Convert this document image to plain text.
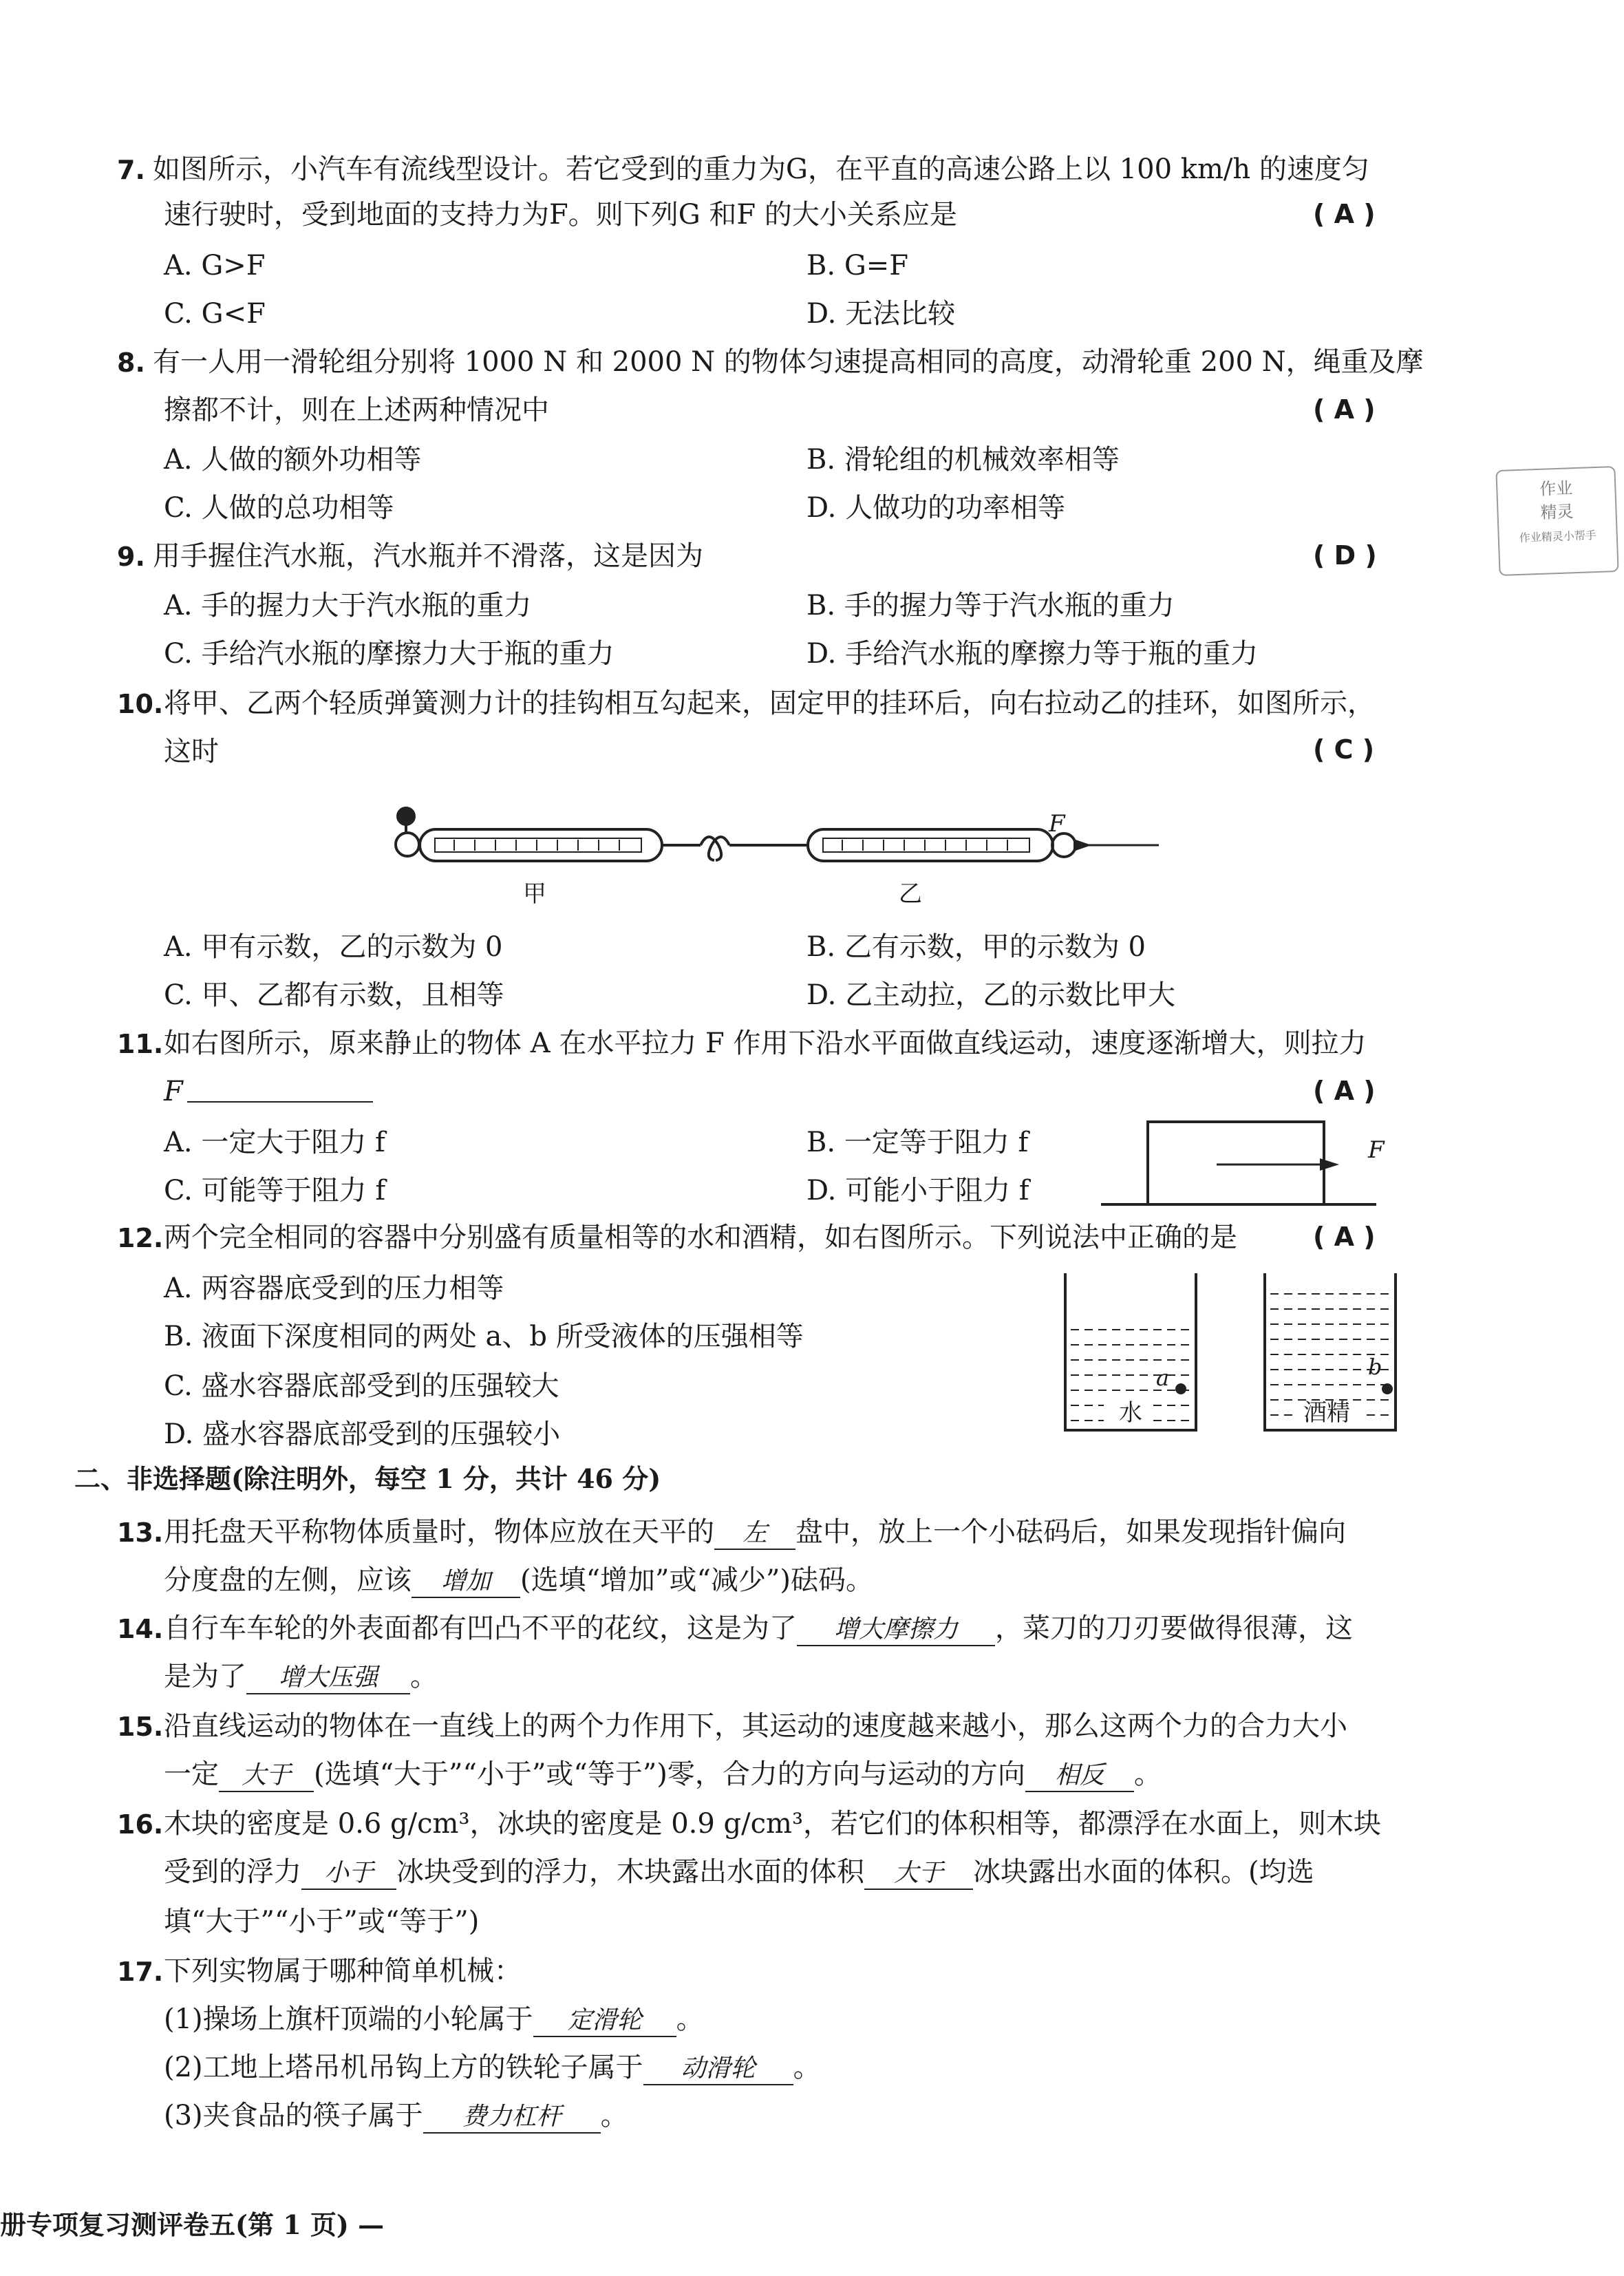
7. 如图所示，小汽车有流线型设计。若它受到的重力为G，在平直的高速公路上以 100 km/h 的速度匀
速行驶时，受到地面的支持力为F。则下列G 和F 的大小关系应是	( A )
A. G>F	B. G=F
C. G<F	D. 无法比较
8. 有一人用一滑轮组分别将 1000 N 和 2000 N 的物体匀速提高相同的高度，动滑轮重 200 N，绳重及摩
擦都不计，则在上述两种情况中	( A )
A. 人做的额外功相等	B. 滑轮组的机械效率相等
C. 人做的总功相等	D. 人做功的功率相等
9. 用手握住汽水瓶，汽水瓶并不滑落，这是因为	( D )
A. 手的握力大于汽水瓶的重力	B. 手的握力等于汽水瓶的重力
C. 手给汽水瓶的摩擦力大于瓶的重力	D. 手给汽水瓶的摩擦力等于瓶的重力
10. 将甲、乙两个轻质弹簧测力计的挂钩相互勾起来，固定甲的挂环后，向右拉动乙的挂环，如图所示，
这时	( C )
F
甲	乙
A. 甲有示数，乙的示数为 0	B. 乙有示数，甲的示数为 0
C. 甲、乙都有示数，且相等	D. 乙主动拉，乙的示数比甲大
11. 如右图所示，原来静止的物体 A 在水平拉力 F 作用下沿水平面做直线运动，速度逐渐增大，则拉力
F	( A )
A. 一定大于阻力 f	B. 一定等于阻力 f
C. 可能等于阻力 f	D. 可能小于阻力 f
F
12. 两个完全相同的容器中分别盛有质量相等的水和酒精，如右图所示。下列说法中正确的是	( A )
A. 两容器底受到的压力相等
B. 液面下深度相同的两处 a、b 所受液体的压强相等
C. 盛水容器底部受到的压强较大
D. 盛水容器底部受到的压强较小
a	b
水	酒精
二、非选择题(除注明外，每空 1 分，共计 46 分)
13. 用托盘天平称物体质量时，物体应放在天平的 左 盘中，放上一个小砝码后，如果发现指针偏向
分度盘的左侧，应该 增加 (选填“增加”或“减少”)砝码。
14. 自行车车轮的外表面都有凹凸不平的花纹，这是为了 增大摩擦力 ，菜刀的刀刃要做得很薄，这
是为了 增大压强 。
15. 沿直线运动的物体在一直线上的两个力作用下，其运动的速度越来越小，那么这两个力的合力大小
一定 大于 (选填“大于”“小于”或“等于”)零，合力的方向与运动的方向 相反 。
16. 木块的密度是 0.6 g/cm³，冰块的密度是 0.9 g/cm³，若它们的体积相等，都漂浮在水面上，则木块
受到的浮力 小于 冰块受到的浮力，木块露出水面的体积 大于 冰块露出水面的体积。(均选
填“大于”“小于”或“等于”)
17. 下列实物属于哪种简单机械：
(1)操场上旗杆顶端的小轮属于 定滑轮 。
(2)工地上塔吊机吊钩上方的铁轮子属于 动滑轮 。
(3)夹食品的筷子属于 费力杠杆 。
册专项复习测评卷五(第 1 页) —
作业
精灵
作业精灵小帮手
